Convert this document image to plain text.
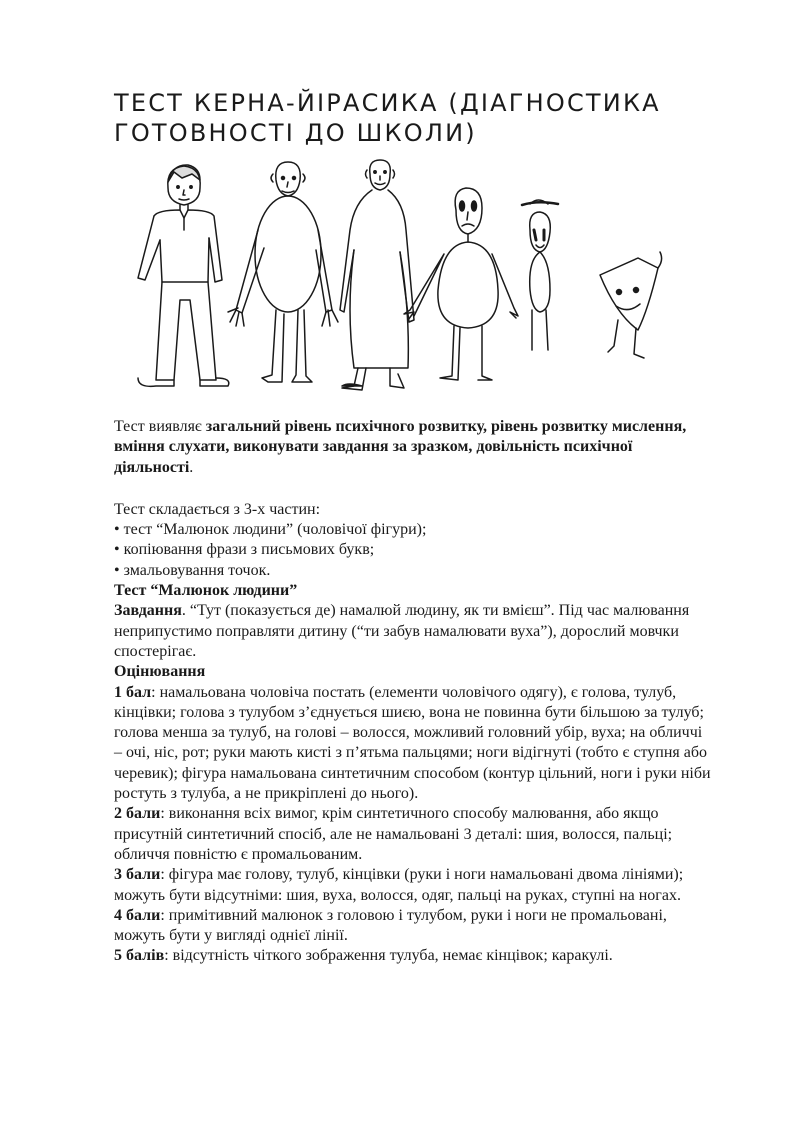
ТЕСТ КЕРНА-ЙІРАСИКА (ДІАГНОСТИКА
ГОТОВНОСТІ ДО ШКОЛИ)

Тест виявляє загальний рівень психічного розвитку, рівень розвитку мислення, вміння слухати, виконувати завдання за зразком, довільність психічної діяльності.

Тест складається з 3-х частин:

• тест “Малюнок людини” (чоловічої фігури);

• копіювання фрази з письмових букв;

• змальовування точок.

Тест “Малюнок людини”

Завдання. “Тут (показується де) намалюй людину, як ти вмієш”. Під час малювання неприпустимо поправляти дитину (“ти забув намалювати вуха”), дорослий мовчки спостерігає.

Оцінювання

1 бал: намальована чоловіча постать (елементи чоловічого одягу), є голова, тулуб, кінцівки; голова з тулубом з’єднується шиєю, вона не повинна бути більшою за тулуб; голова менша за тулуб, на голові – волосся, можливий головний убір, вуха; на обличчі – очі, ніс, рот; руки мають кисті з п’ятьма пальцями; ноги відігнуті (тобто є ступня або черевик); фігура намальована синтетичним способом (контур цільний, ноги і руки ніби ростуть з тулуба, а не прикріплені до нього).

2 бали: виконання всіх вимог, крім синтетичного способу малювання, або якщо присутній синтетичний спосіб, але не намальовані 3 деталі: шия, волосся, пальці; обличчя повністю є промальованим.

3 бали: фігура має голову, тулуб, кінцівки (руки і ноги намальовані двома лініями); можуть бути відсутніми: шия, вуха, волосся, одяг, пальці на руках, ступні на ногах.

4 бали: примітивний малюнок з головою і тулубом, руки і ноги не промальовані, можуть бути у вигляді однієї лінії.

5 балів: відсутність чіткого зображення тулуба, немає кінцівок; каракулі.
